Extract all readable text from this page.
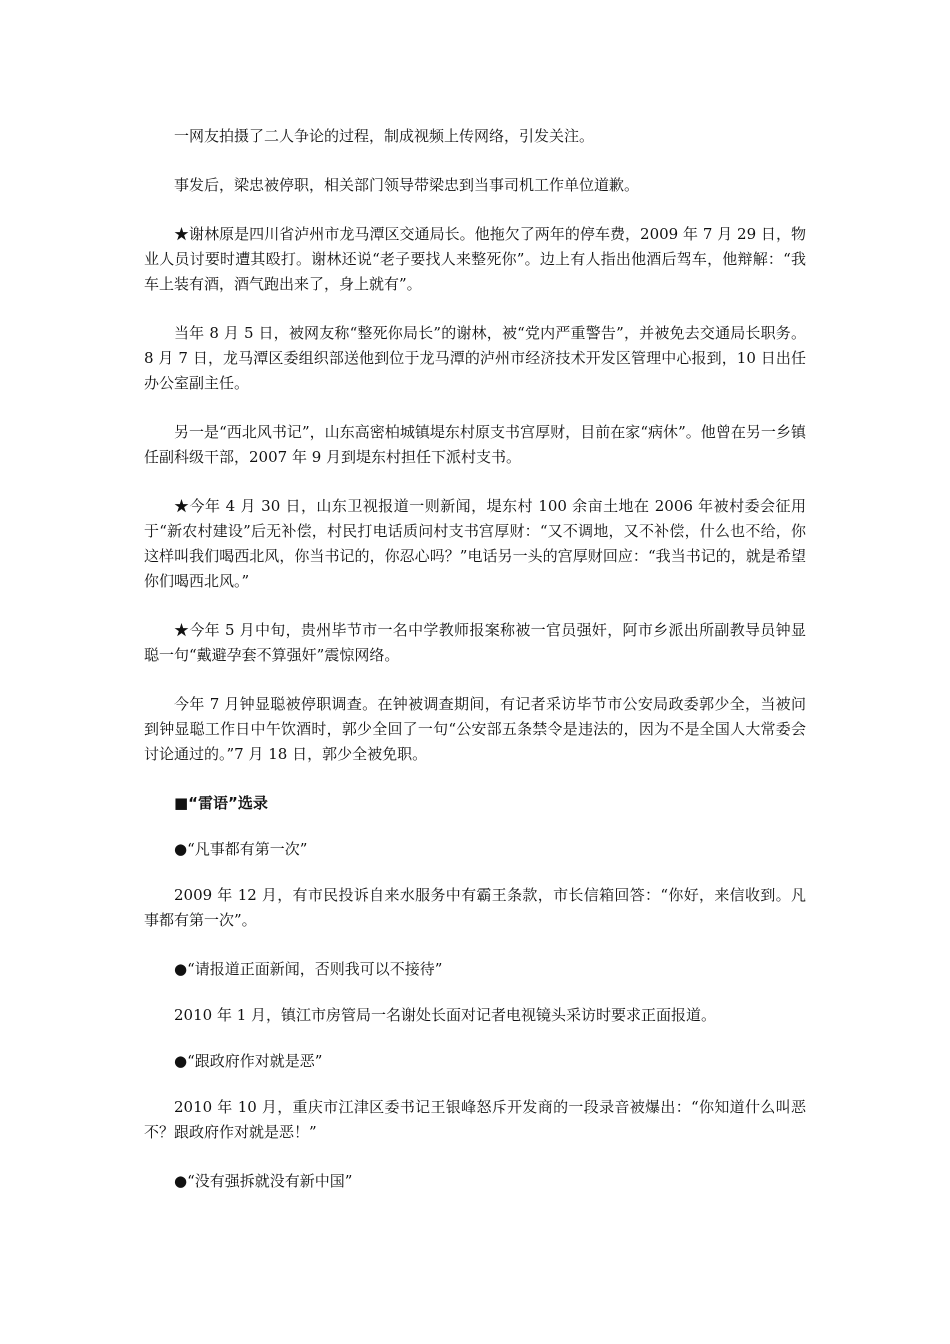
一网友拍摄了二人争论的过程，制成视频上传网络，引发关注。

事发后，梁忠被停职，相关部门领导带梁忠到当事司机工作单位道歉。

★谢林原是四川省泸州市龙马潭区交通局长。他拖欠了两年的停车费，2009 年 7 月 29 日，物业人员讨要时遭其殴打。谢林还说“老子要找人来整死你”。边上有人指出他酒后驾车，他辩解：“我车上装有酒，酒气跑出来了，身上就有”。

当年 8 月 5 日，被网友称“整死你局长”的谢林，被“党内严重警告”，并被免去交通局长职务。8 月 7 日，龙马潭区委组织部送他到位于龙马潭的泸州市经济技术开发区管理中心报到，10 日出任办公室副主任。

另一是“西北风书记”，山东高密柏城镇堤东村原支书宫厚财，目前在家“病休”。他曾在另一乡镇任副科级干部，2007 年 9 月到堤东村担任下派村支书。

★今年 4 月 30 日，山东卫视报道一则新闻，堤东村 100 余亩土地在 2006 年被村委会征用于“新农村建设”后无补偿，村民打电话质问村支书宫厚财：“又不调地，又不补偿，什么也不给，你这样叫我们喝西北风，你当书记的，你忍心吗？”电话另一头的宫厚财回应：“我当书记的，就是希望你们喝西北风。”

★今年 5 月中旬，贵州毕节市一名中学教师报案称被一官员强奸，阿市乡派出所副教导员钟显聪一句“戴避孕套不算强奸”震惊网络。

今年 7 月钟显聪被停职调查。在钟被调查期间，有记者采访毕节市公安局政委郭少全，当被问到钟显聪工作日中午饮酒时，郭少全回了一句“公安部五条禁令是违法的，因为不是全国人大常委会讨论通过的。”7 月 18 日，郭少全被免职。

■“雷语”选录

●“凡事都有第一次”

2009 年 12 月，有市民投诉自来水服务中有霸王条款，市长信箱回答：“你好，来信收到。凡事都有第一次”。

●“请报道正面新闻，否则我可以不接待”

2010 年 1 月，镇江市房管局一名谢处长面对记者电视镜头采访时要求正面报道。

●“跟政府作对就是恶”

2010 年 10 月，重庆市江津区委书记王银峰怒斥开发商的一段录音被爆出：“你知道什么叫恶不？跟政府作对就是恶！”

●“没有强拆就没有新中国”
